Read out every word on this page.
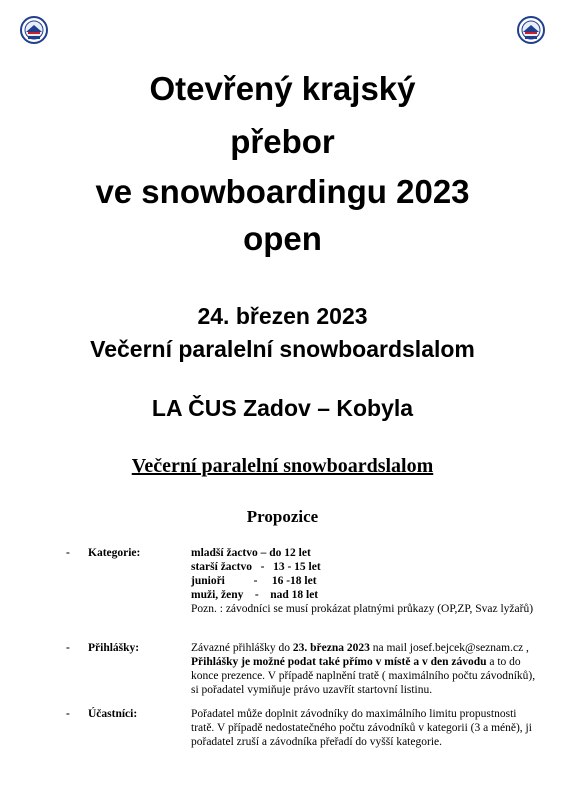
Otevřený krajský
přebor
ve snowboardingu 2023
open
24. březen 2023
Večerní paralelní snowboardslalom
LA ČUS Zadov – Kobyla
Večerní paralelní snowboardslalom
Propozice
- Kategorie:	mladší žactvo – do 12 let
starší žactvo   -   13 - 15 let
junioři          -     16 -18 let
muži, ženy    -    nad 18 let
Pozn. : závodníci se musí prokázat platnými průkazy (OP,ZP, Svaz lyžařů)
- Přihlášky:	Závazné přihlášky do 23. března 2023 na mail josef.bejcek@seznam.cz ,
Přihlášky je možné podat také přímo v místě a v den závodu a to do konce prezence. V případě naplnění tratě ( maximálního počtu závodníků), si pořadatel vymiňuje právo uzavřít startovní listinu.
- Účastníci:	Pořadatel může doplnit závodníky do maximálního limitu propustnosti tratě. V případě nedostatečného počtu závodníků v kategorii (3 a méně), ji pořadatel zruší a závodníka přeřadí do vyšší kategorie.
